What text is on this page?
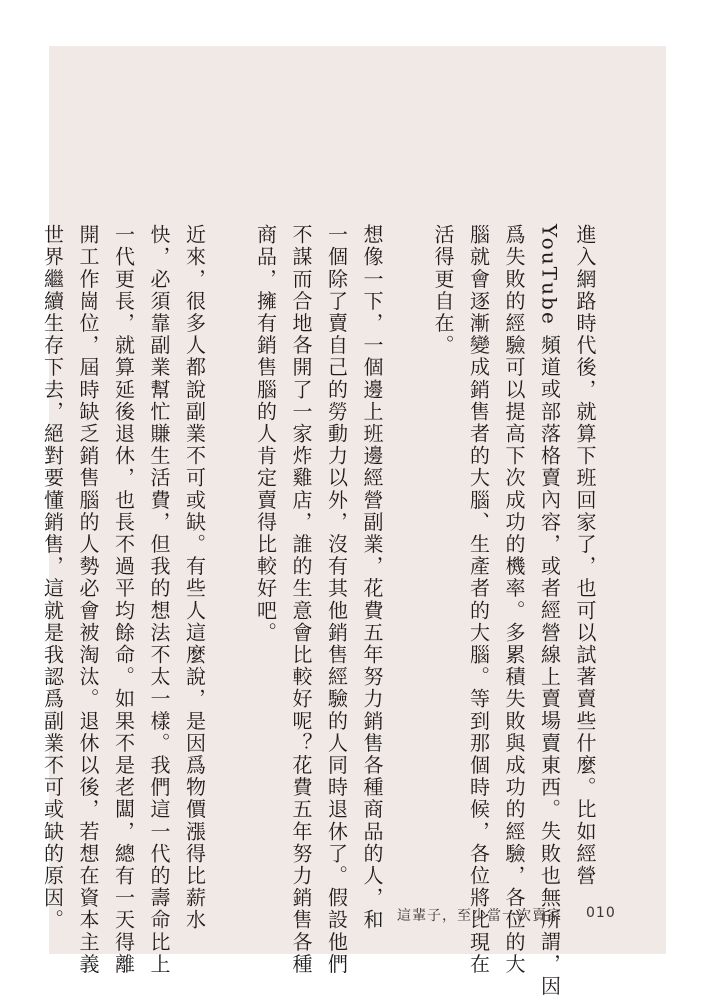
進入網路時代後，就算下班回家了，也可以試著賣些什麼。比如經營
YouTube 頻道或部落格賣內容，或者經營線上賣場賣東西。失敗也無所謂，因
爲失敗的經驗可以提高下次成功的機率。多累積失敗與成功的經驗，各位的大
腦就會逐漸變成銷售者的大腦、生產者的大腦。等到那個時候，各位將比現在
活得更自在。
想像一下，一個邊上班邊經營副業，花費五年努力銷售各種商品的人，和
一個除了賣自己的勞動力以外，沒有其他銷售經驗的人同時退休了。假設他們
不謀而合地各開了一家炸雞店，誰的生意會比較好呢？花費五年努力銷售各種
商品，擁有銷售腦的人肯定賣得比較好吧。
近來，很多人都說副業不可或缺。有些人這麼說，是因爲物價漲得比薪水
快，必須靠副業幫忙賺生活費，但我的想法不太一樣。我們這一代的壽命比上
一代更長，就算延後退休，也長不過平均餘命。如果不是老闆，總有一天得離
開工作崗位，屆時缺乏銷售腦的人勢必會被淘汰。退休以後，若想在資本主義
世界繼續生存下去，絕對要懂銷售，這就是我認爲副業不可或缺的原因。	這輩子，至少當一次賣家 010
